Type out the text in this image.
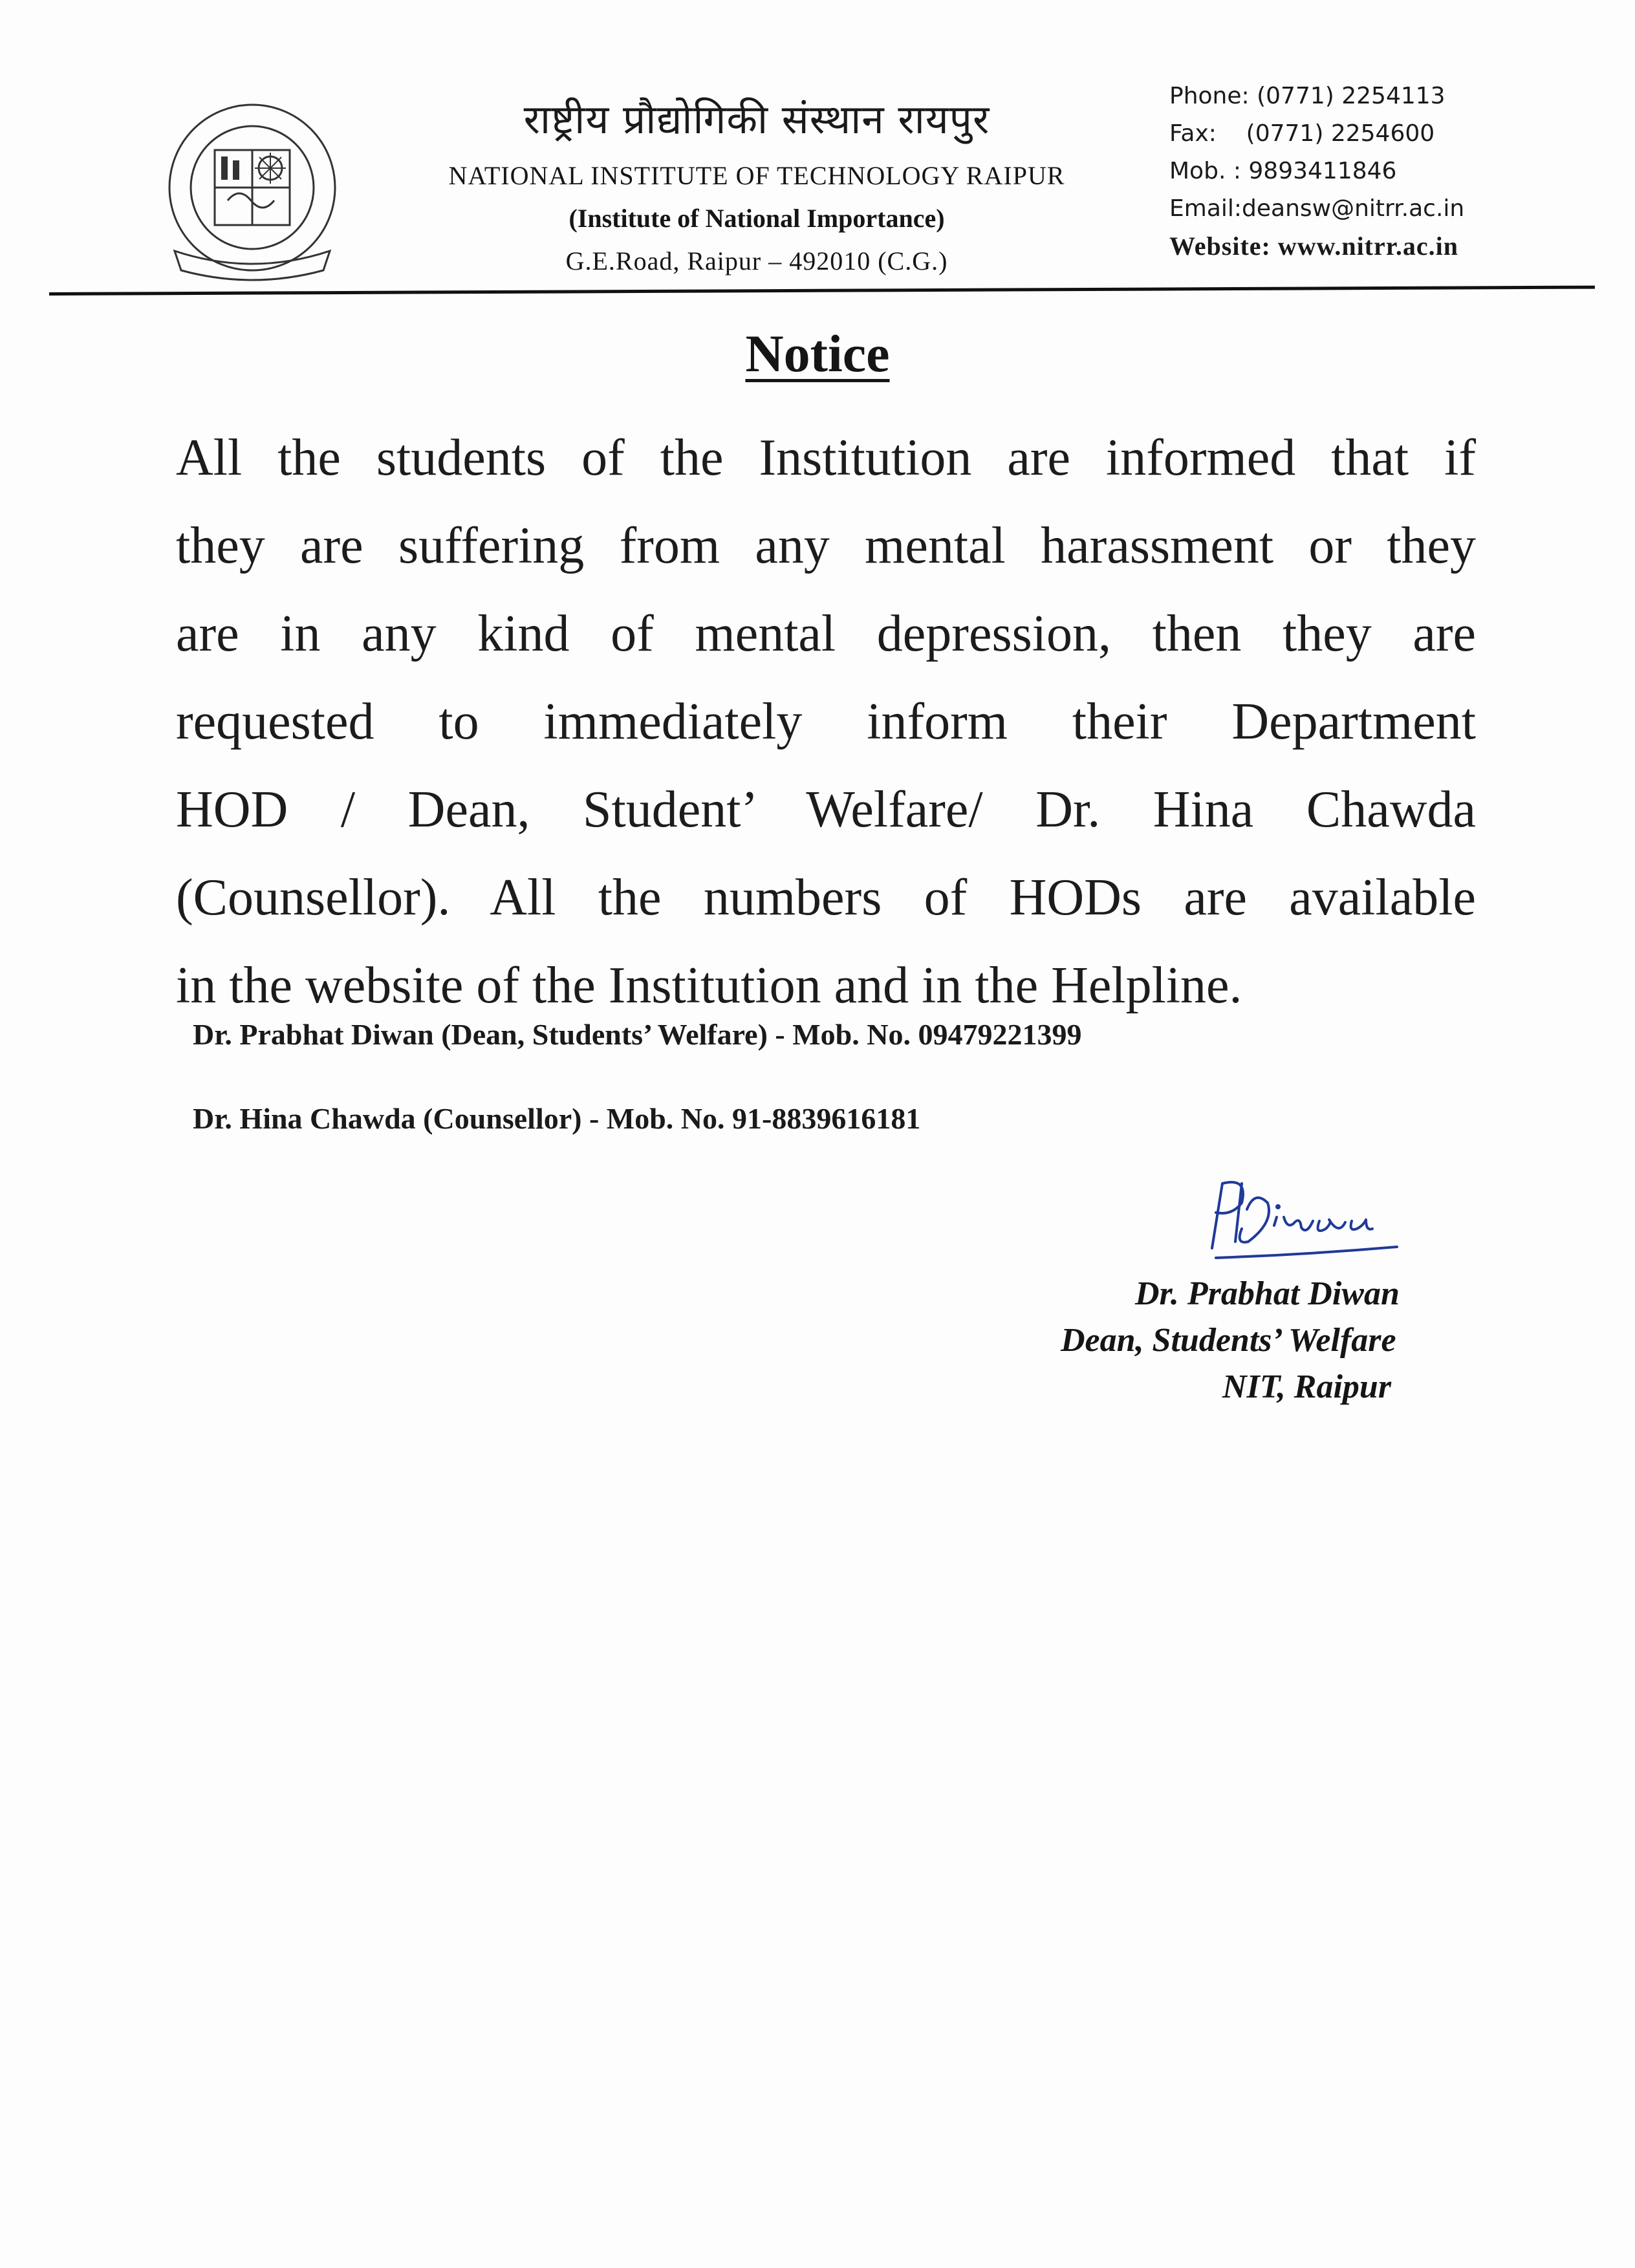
राष्ट्रीय प्रौद्योगिकी संस्थान रायपुर
NATIONAL INSTITUTE OF TECHNOLOGY RAIPUR
(Institute of National Importance)
G.E.Road, Raipur – 492010 (C.G.)
Phone: (0771) 2254113
Fax:    (0771) 2254600
Mob. : 9893411846
Email:deansw@nitrr.ac.in
Website: www.nitrr.ac.in
Notice
All the students of the Institution are informed that if
they are suffering from any mental harassment or they
are in any kind of mental depression, then they are
requested to immediately inform their Department
HOD / Dean, Student’ Welfare/ Dr. Hina Chawda
(Counsellor). All the numbers of HODs are available
in the website of the Institution and in the Helpline.
Dr. Prabhat Diwan (Dean, Students’ Welfare) - Mob. No. 09479221399
Dr. Hina Chawda (Counsellor) - Mob. No. 91-8839616181
Dr. Prabhat Diwan
Dean, Students’ Welfare
NIT, Raipur
